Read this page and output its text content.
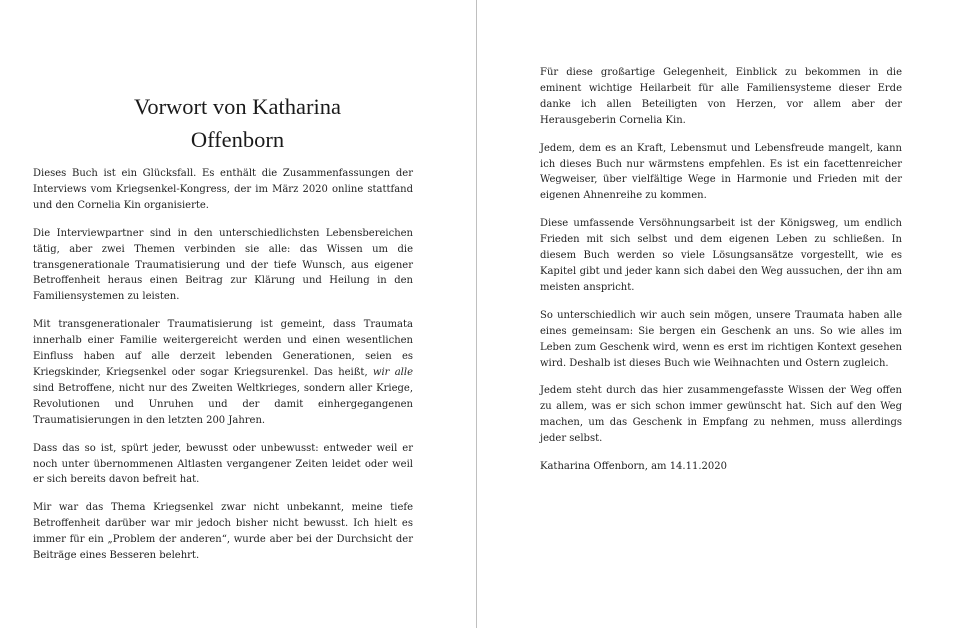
Vorwort von Katharina
Offenborn

Dieses Buch ist ein Glücksfall. Es enthält die Zusammenfassungen der Interviews vom Kriegsenkel-Kongress, der im März 2020 online stattfand und den Cornelia Kin organisierte.

Die Interviewpartner sind in den unterschiedlichsten Lebensbereichen tätig, aber zwei Themen verbinden sie alle: das Wissen um die transgenerationale Traumatisierung und der tiefe Wunsch, aus eigener Betroffenheit heraus einen Beitrag zur Klärung und Heilung in den Familiensystemen zu leisten.

Mit transgenerationaler Traumatisierung ist gemeint, dass Traumata innerhalb einer Familie weitergereicht werden und einen wesentlichen Einfluss haben auf alle derzeit lebenden Generationen, seien es Kriegskinder, Kriegsenkel oder sogar Kriegsurenkel. Das heißt, wir alle sind Betroffene, nicht nur des Zweiten Weltkrieges, sondern aller Kriege, Revolutionen und Unruhen und der damit einhergegangenen Traumatisierungen in den letzten 200 Jahren.

Dass das so ist, spürt jeder, bewusst oder unbewusst: entweder weil er noch unter übernommenen Altlasten vergangener Zeiten leidet oder weil er sich bereits davon befreit hat.

Mir war das Thema Kriegsenkel zwar nicht unbekannt, meine tiefe Betroffenheit darüber war mir jedoch bisher nicht bewusst. Ich hielt es immer für ein „Problem der anderen“, wurde aber bei der Durchsicht der Beiträge eines Besseren belehrt.

Für diese großartige Gelegenheit, Einblick zu bekommen in die eminent wichtige Heilarbeit für alle Familiensysteme dieser Erde danke ich allen Beteiligten von Herzen, vor allem aber der Herausgeberin Cornelia Kin.

Jedem, dem es an Kraft, Lebensmut und Lebensfreude mangelt, kann ich dieses Buch nur wärmstens empfehlen. Es ist ein facettenreicher Wegweiser, über vielfältige Wege in Harmonie und Frieden mit der eigenen Ahnenreihe zu kommen.

Diese umfassende Versöhnungsarbeit ist der Königsweg, um endlich Frieden mit sich selbst und dem eigenen Leben zu schließen. In diesem Buch werden so viele Lösungsansätze vorgestellt, wie es Kapitel gibt und jeder kann sich dabei den Weg aussuchen, der ihn am meisten anspricht.

So unterschiedlich wir auch sein mögen, unsere Traumata haben alle eines gemeinsam: Sie bergen ein Geschenk an uns. So wie alles im Leben zum Geschenk wird, wenn es erst im richtigen Kontext gesehen wird. Deshalb ist dieses Buch wie Weihnachten und Ostern zugleich.

Jedem steht durch das hier zusammengefasste Wissen der Weg offen zu allem, was er sich schon immer gewünscht hat. Sich auf den Weg machen, um das Geschenk in Empfang zu nehmen, muss allerdings jeder selbst.

Katharina Offenborn, am 14.11.2020
